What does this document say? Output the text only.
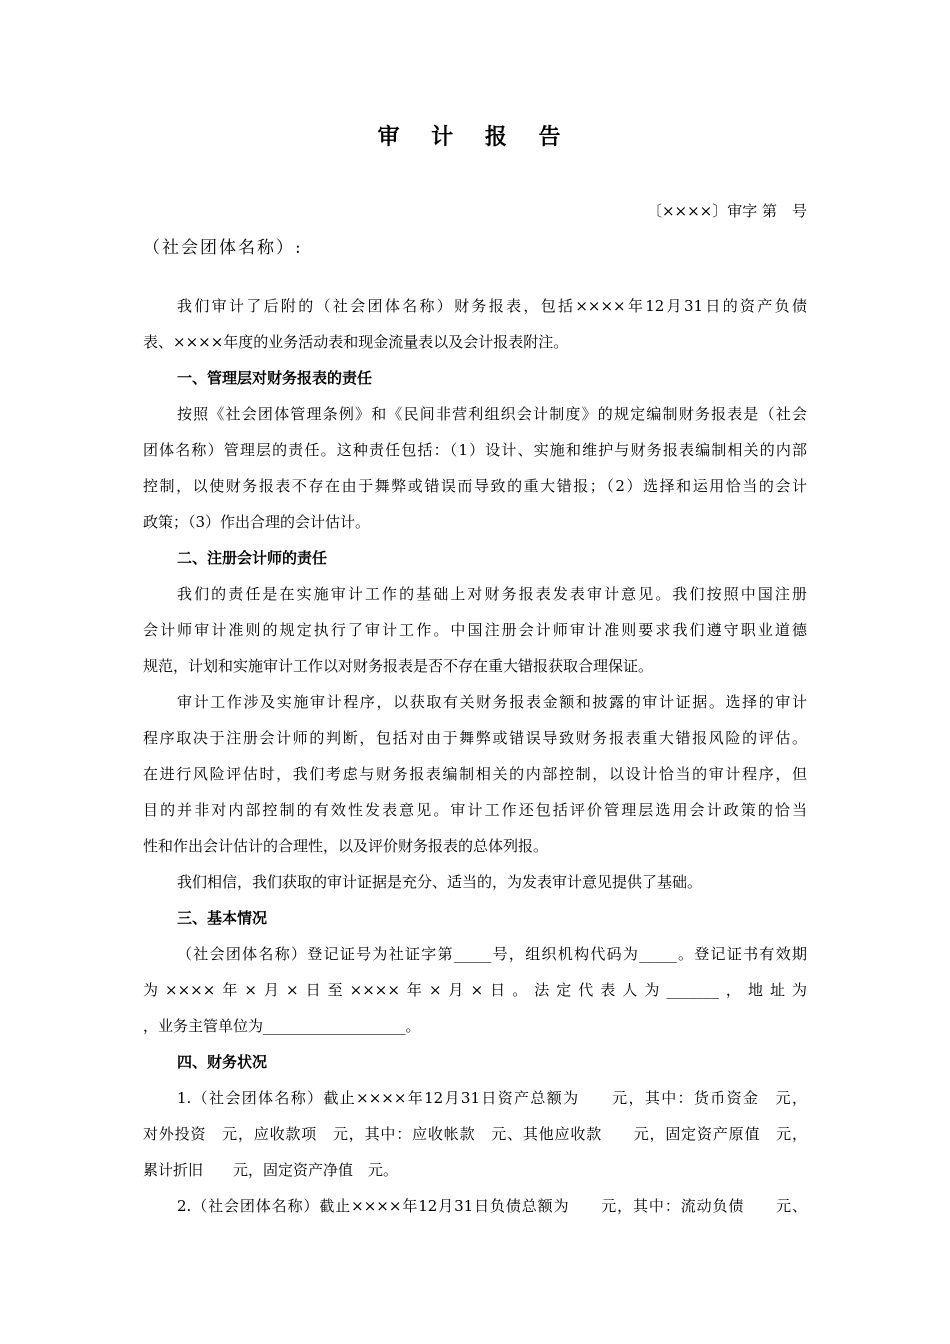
审 计 报 告
〔××××〕审字 第　号
（社会团体名称）:
我们审计了后附的（社会团体名称）财务报表，包括××××年12月31日的资产负债
表、××××年度的业务活动表和现金流量表以及会计报表附注。
一、管理层对财务报表的责任
按照《社会团体管理条例》和《民间非营利组织会计制度》的规定编制财务报表是（社会
团体名称）管理层的责任。这种责任包括：（1）设计、实施和维护与财务报表编制相关的内部
控制，以使财务报表不存在由于舞弊或错误而导致的重大错报；（2）选择和运用恰当的会计
政策；（3）作出合理的会计估计。
二、注册会计师的责任
我们的责任是在实施审计工作的基础上对财务报表发表审计意见。我们按照中国注册
会计师审计准则的规定执行了审计工作。中国注册会计师审计准则要求我们遵守职业道德
规范，计划和实施审计工作以对财务报表是否不存在重大错报获取合理保证。
审计工作涉及实施审计程序，以获取有关财务报表金额和披露的审计证据。选择的审计
程序取决于注册会计师的判断，包括对由于舞弊或错误导致财务报表重大错报风险的评估。
在进行风险评估时，我们考虑与财务报表编制相关的内部控制，以设计恰当的审计程序，但
目的并非对内部控制的有效性发表意见。审计工作还包括评价管理层选用会计政策的恰当
性和作出会计估计的合理性，以及评价财务报表的总体列报。
我们相信，我们获取的审计证据是充分、适当的，为发表审计意见提供了基础。
三、基本情况
（社会团体名称）登记证号为社证字第_____号，组织机构代码为_____。登记证书有效期
为××××年×月×日至××××年×月×日。法定代表人为_______，地址为
，业务主管单位为___________________。
四、财务状况
1.（社会团体名称）截止××××年12月31日资产总额为　　元，其中：货币资金　元，
对外投资　元，应收款项　元，其中：应收帐款　元、其他应收款　　元，固定资产原值　元，
累计折旧　　元，固定资产净值　元。
2.（社会团体名称）截止××××年12月31日负债总额为　　元，其中：流动负债　　元、
